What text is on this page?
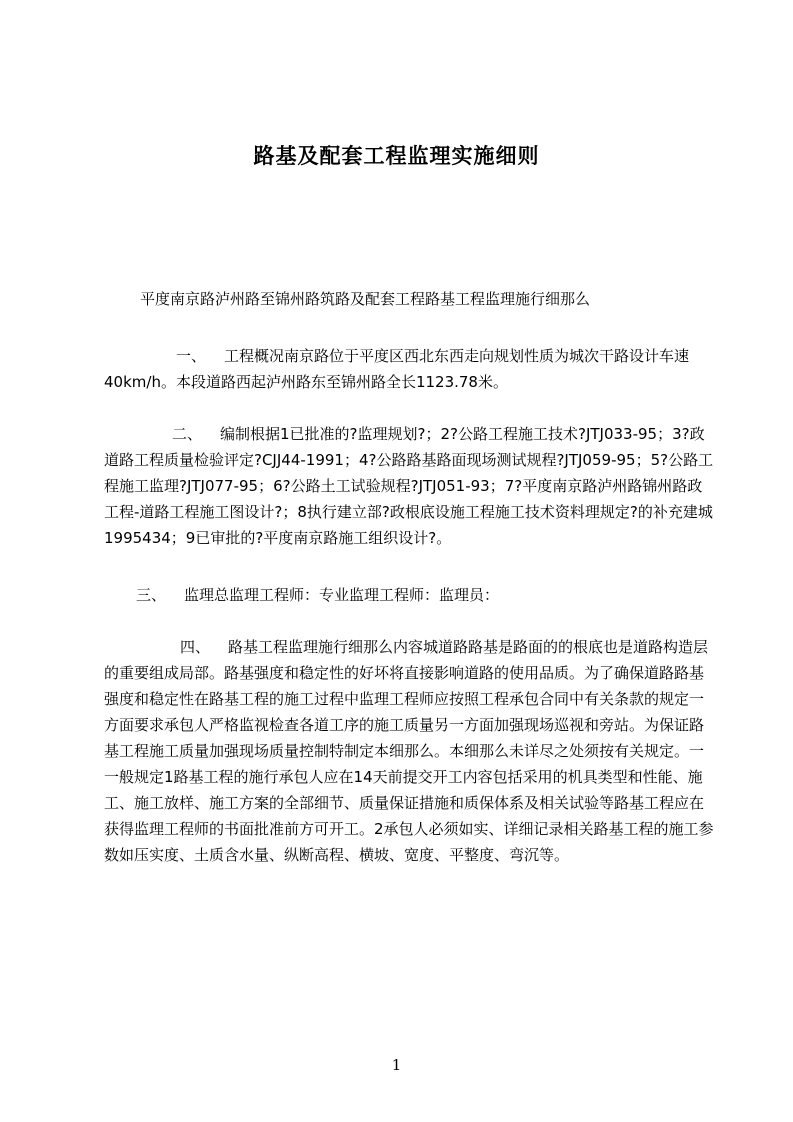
路基及配套工程监理实施细则
平度南京路泸州路至锦州路筑路及配套工程路基工程监理施行细那么

一、 工程概况南京路位于平度区西北东西走向规划性质为城次干路设计车速40km/h。本段道路西起泸州路东至锦州路全长1123.78米。

二、 编制根据1已批准的?监理规划?；2?公路工程施工技术?JTJ033-95；3?政道路工程质量检验评定?CJJ44-1991；4?公路路基路面现场测试规程?JTJ059-95；5?公路工程施工监理?JTJ077-95；6?公路土工试验规程?JTJ051-93；7?平度南京路泸州路锦州路政工程-道路工程施工图设计?；8执行建立部?政根底设施工程施工技术资料理规定?的补充建城1995434；9已审批的?平度南京路施工组织设计?。

三、 监理总监理工程师：专业监理工程师：监理员：

四、 路基工程监理施行细那么内容城道路路基是路面的的根底也是道路构造层的重要组成局部。路基强度和稳定性的好坏将直接影响道路的使用品质。为了确保道路路基强度和稳定性在路基工程的施工过程中监理工程师应按照工程承包合同中有关条款的规定一方面要求承包人严格监视检查各道工序的施工质量另一方面加强现场巡视和旁站。为保证路基工程施工质量加强现场质量控制特制定本细那么。本细那么未详尽之处须按有关规定。一一般规定1路基工程的施行承包人应在14天前提交开工内容包括采用的机具类型和性能、施工、施工放样、施工方案的全部细节、质量保证措施和质保体系及相关试验等路基工程应在获得监理工程师的书面批准前方可开工。2承包人必须如实、详细记录相关路基工程的施工参数如压实度、土质含水量、纵断高程、横坡、宽度、平整度、弯沉等。

1
